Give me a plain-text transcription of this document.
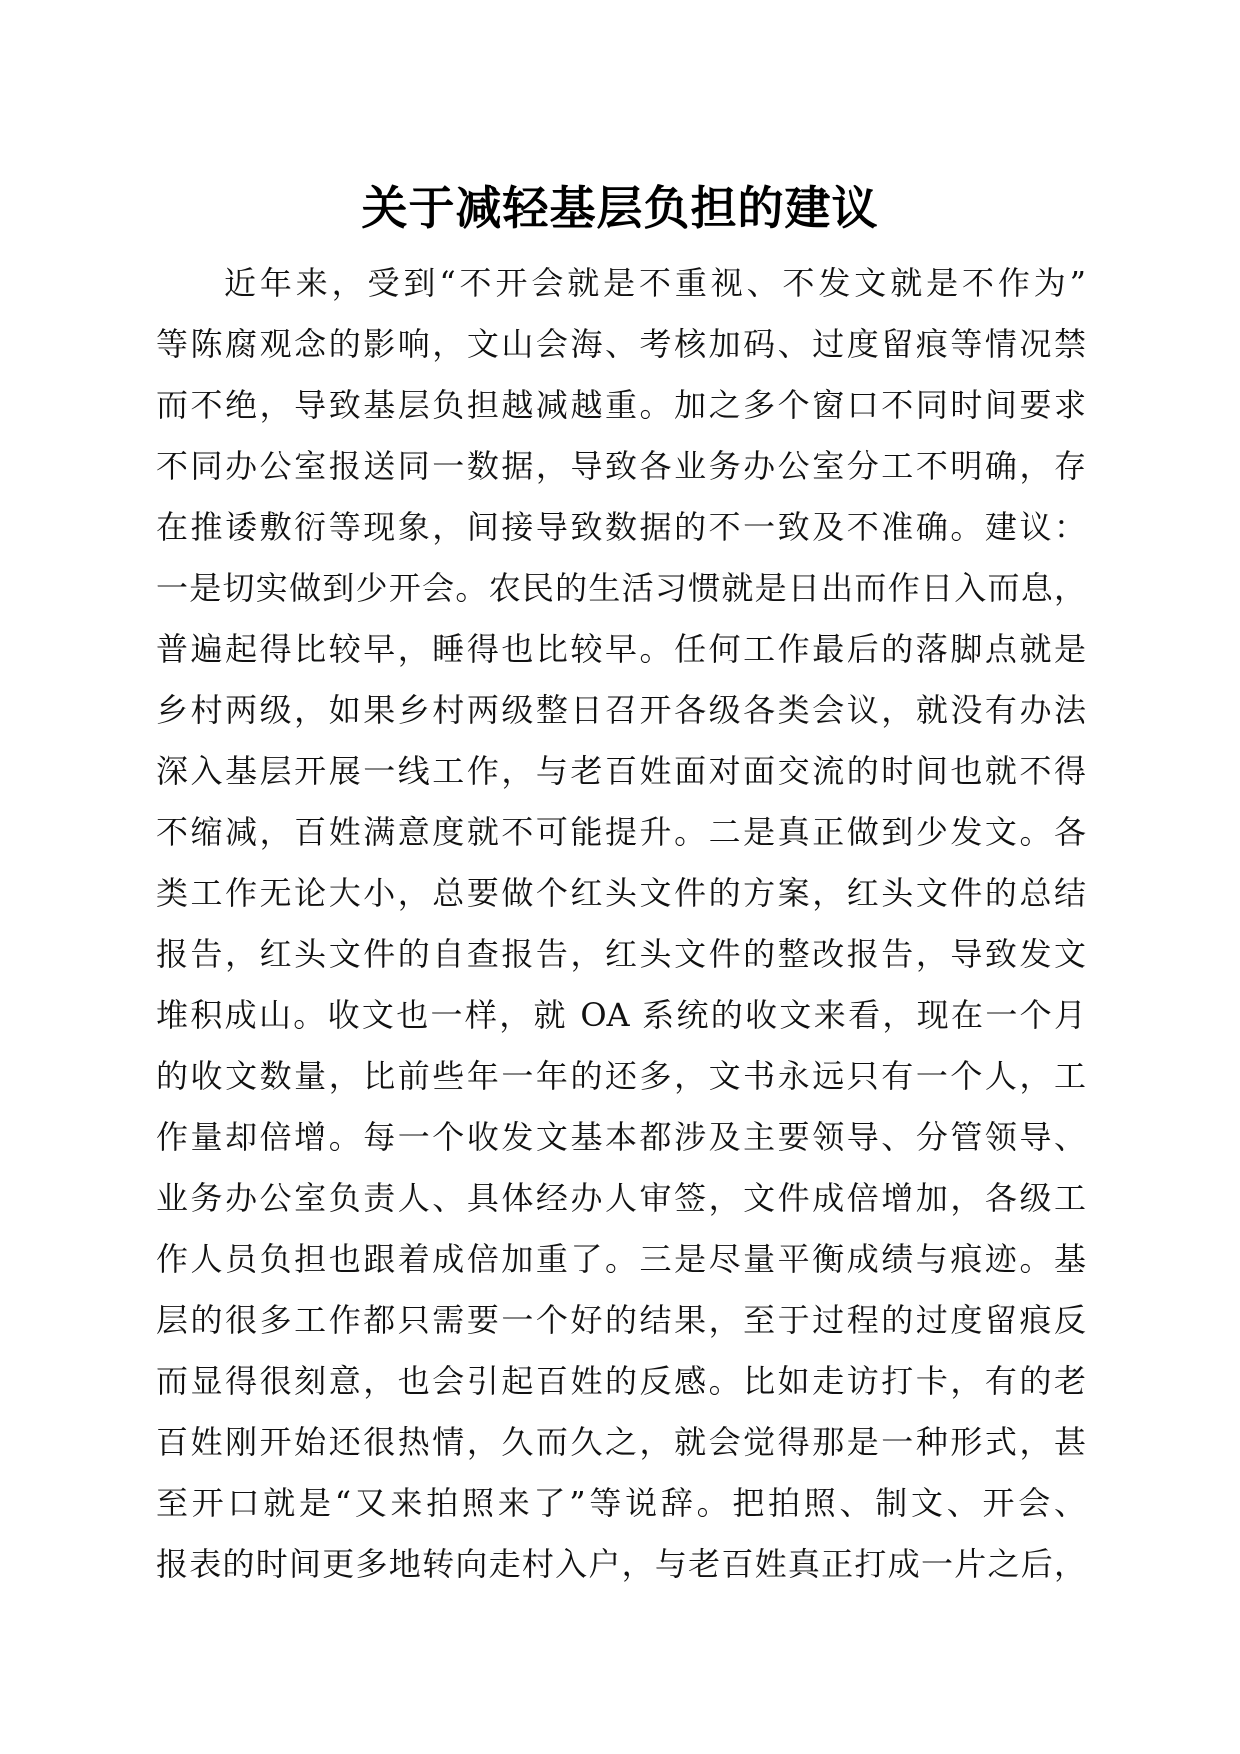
关于减轻基层负担的建议
近年来，受到“不开会就是不重视、不发文就是不作为”
等陈腐观念的影响，文山会海、考核加码、过度留痕等情况禁
而不绝，导致基层负担越减越重。加之多个窗口不同时间要求
不同办公室报送同一数据，导致各业务办公室分工不明确，存
在推诿敷衍等现象，间接导致数据的不一致及不准确。建议：
一是切实做到少开会。农民的生活习惯就是日出而作日入而息，
普遍起得比较早，睡得也比较早。任何工作最后的落脚点就是
乡村两级，如果乡村两级整日召开各级各类会议，就没有办法
深入基层开展一线工作，与老百姓面对面交流的时间也就不得
不缩减，百姓满意度就不可能提升。二是真正做到少发文。各
类工作无论大小，总要做个红头文件的方案，红头文件的总结
报告，红头文件的自查报告，红头文件的整改报告，导致发文
堆积成山。收文也一样，就 OA 系统的收文来看，现在一个月
的收文数量，比前些年一年的还多，文书永远只有一个人，工
作量却倍增。每一个收发文基本都涉及主要领导、分管领导、
业务办公室负责人、具体经办人审签，文件成倍增加，各级工
作人员负担也跟着成倍加重了。三是尽量平衡成绩与痕迹。基
层的很多工作都只需要一个好的结果，至于过程的过度留痕反
而显得很刻意，也会引起百姓的反感。比如走访打卡，有的老
百姓刚开始还很热情，久而久之，就会觉得那是一种形式，甚
至开口就是“又来拍照来了”等说辞。把拍照、制文、开会、
报表的时间更多地转向走村入户，与老百姓真正打成一片之后，
